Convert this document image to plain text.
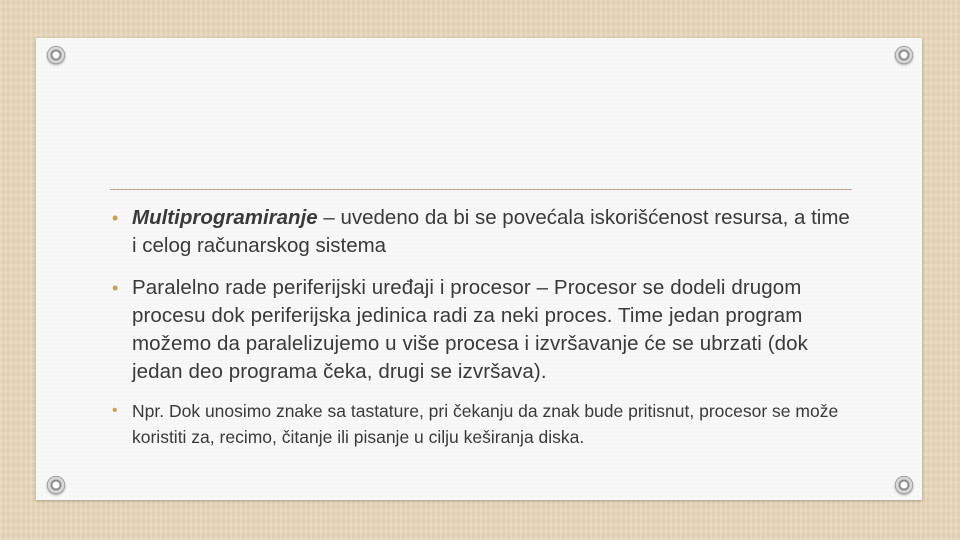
• Multiprogramiranje – uvedeno da bi se povećala iskorišćenost resursa, a time i celog računarskog sistema
• Paralelno rade periferijski uređaji i procesor – Procesor se dodeli drugom procesu dok periferijska jedinica radi za neki proces. Time jedan program možemo da paralelizujemo u više procesa i izvršavanje će se ubrzati (dok jedan deo programa čeka, drugi se izvršava).
• Npr. Dok unosimo znake sa tastature, pri čekanju da znak bude pritisnut, procesor se može koristiti za, recimo, čitanje ili pisanje u cilju keširanja diska.
